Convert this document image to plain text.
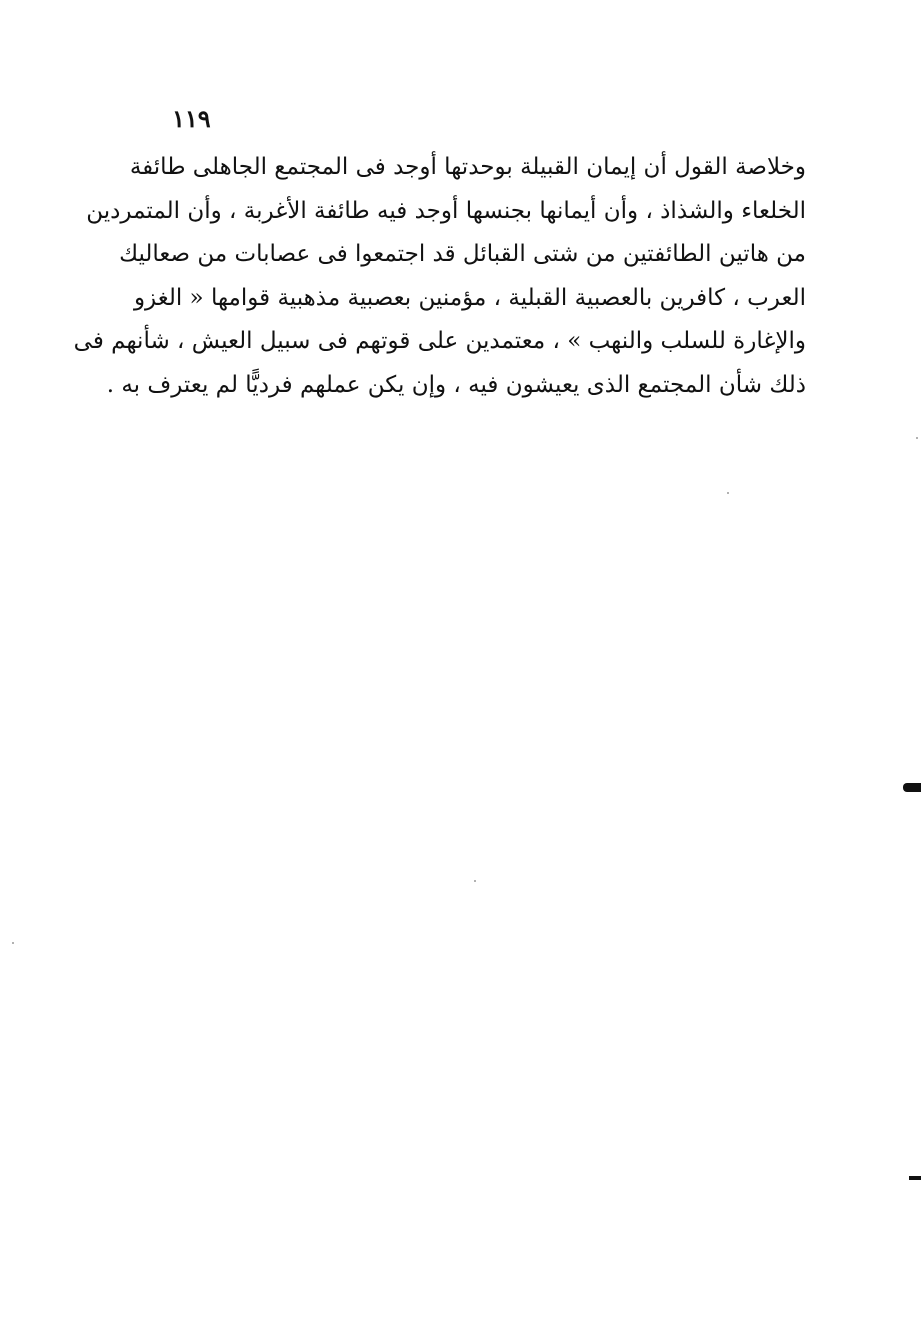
١١٩
وخلاصة القول أن إيمان القبيلة بوحدتها أوجد فى المجتمع الجاهلى طائفة
الخلعاء والشذاذ ، وأن أيمانها بجنسها أوجد فيه طائفة الأغربة ، وأن المتمردين
من هاتين الطائفتين من شتى القبائل قد اجتمعوا فى عصابات من صعاليك
العرب ، كافرين بالعصبية القبلية ، مؤمنين بعصبية مذهبية قوامها « الغزو
والإغارة للسلب والنهب » ، معتمدين على قوتهم فى سبيل العيش ، شأنهم فى
ذلك شأن المجتمع الذى يعيشون فيه ، وإن يكن عملهم فرديًّا لم يعترف به .
